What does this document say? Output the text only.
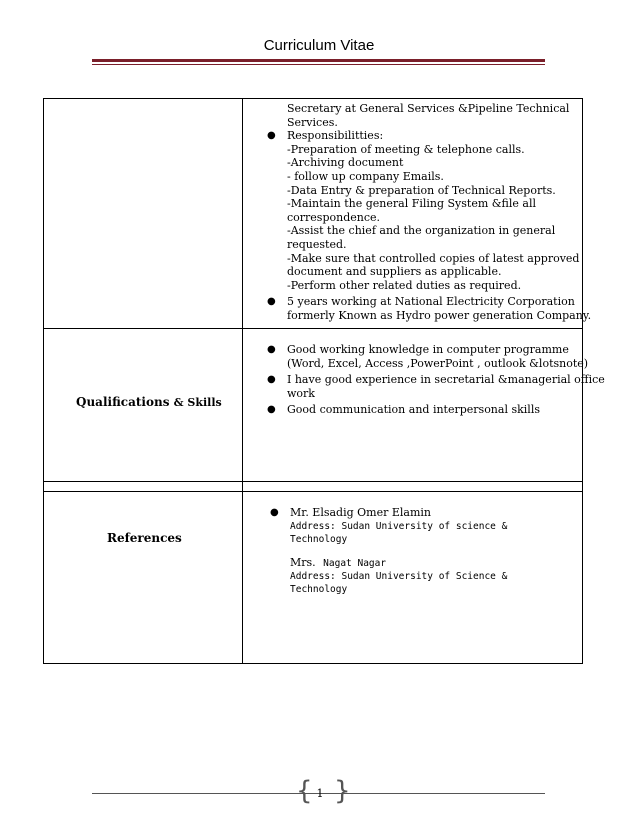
Curriculum Vitae
Secretary at General Services &Pipeline Technical
Services.
● Responsibilitties:
-Preparation of meeting & telephone calls.
-Archiving document
- follow up company Emails.
-Data Entry & preparation of Technical Reports.
-Maintain the general Filing System &file all
correspondence.
-Assist the chief and the organization in general
requested.
-Make sure that controlled copies of latest approved
document and suppliers as applicable.
-Perform other related duties as required.
● 5 years working at National Electricity Corporation
formerly Known as Hydro power generation Company.
Qualifications & Skills
● Good working knowledge in computer programme
(Word, Excel, Access ,PowerPoint , outlook &lotsnote)
● I have good experience in secretarial &managerial office
work
● Good communication and interpersonal skills
References
● Mr. Elsadig Omer Elamin
Address: Sudan University of science &
Technology
Mrs. Nagat Nagar
Address: Sudan University of Science &
Technology
{ }
1
